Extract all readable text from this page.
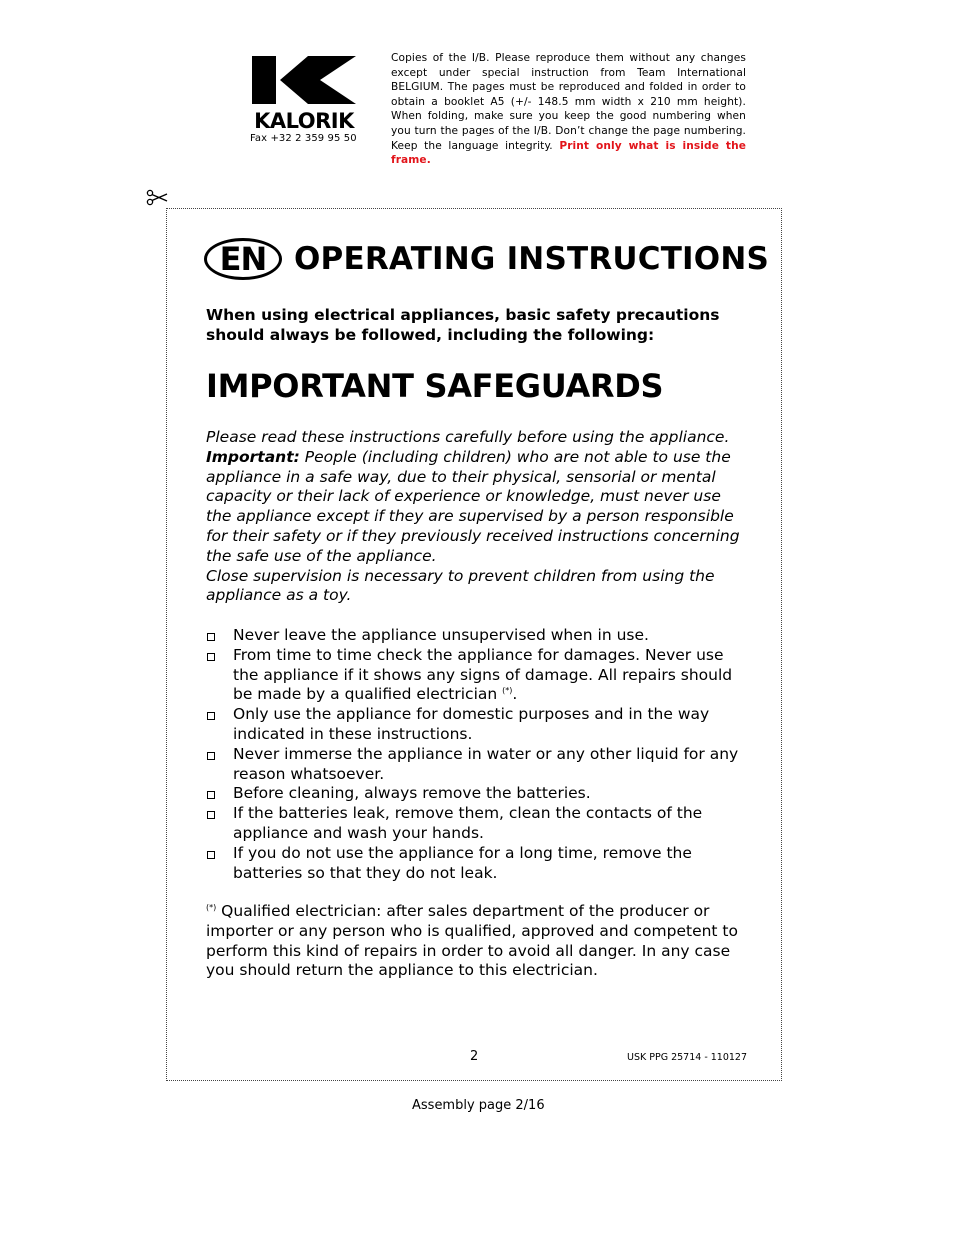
KALORIK
Fax +32 2 359 95 50
Copies of the I/B. Please reproduce them without any changes except under special instruction from Team International BELGIUM. The pages must be reproduced and folded in order to obtain a booklet A5 (+/- 148.5 mm width x 210 mm height). When folding, make sure you keep the good numbering when you turn the pages of the I/B. Don’t change the page numbering. Keep the language integrity. Print only what is inside the frame.
EN OPERATING INSTRUCTIONS
When using electrical appliances, basic safety precautions should always be followed, including the following:
IMPORTANT SAFEGUARDS

Please read these instructions carefully before using the appliance.

Important: People (including children) who are not able to use the appliance in a safe way, due to their physical, sensorial or mental capacity or their lack of experience or knowledge, must never use the appliance except if they are supervised by a person responsible for their safety or if they previously received instructions concerning the safe use of the appliance.

Close supervision is necessary to prevent children from using the appliance as a toy.

Never leave the appliance unsupervised when in use.
From time to time check the appliance for damages. Never use the appliance if it shows any signs of damage. All repairs should be made by a qualified electrician (*).
Only use the appliance for domestic purposes and in the way indicated in these instructions.
Never immerse the appliance in water or any other liquid for any reason whatsoever.
Before cleaning, always remove the batteries.
If the batteries leak, remove them, clean the contacts of the appliance and wash your hands.
If you do not use the appliance for a long time, remove the batteries so that they do not leak.
(*) Qualified electrician: after sales department of the producer or importer or any person who is qualified, approved and competent to perform this kind of repairs in order to avoid all danger. In any case you should return the appliance to this electrician.
2	USK PPG 25714 - 110127
Assembly page 2/16
